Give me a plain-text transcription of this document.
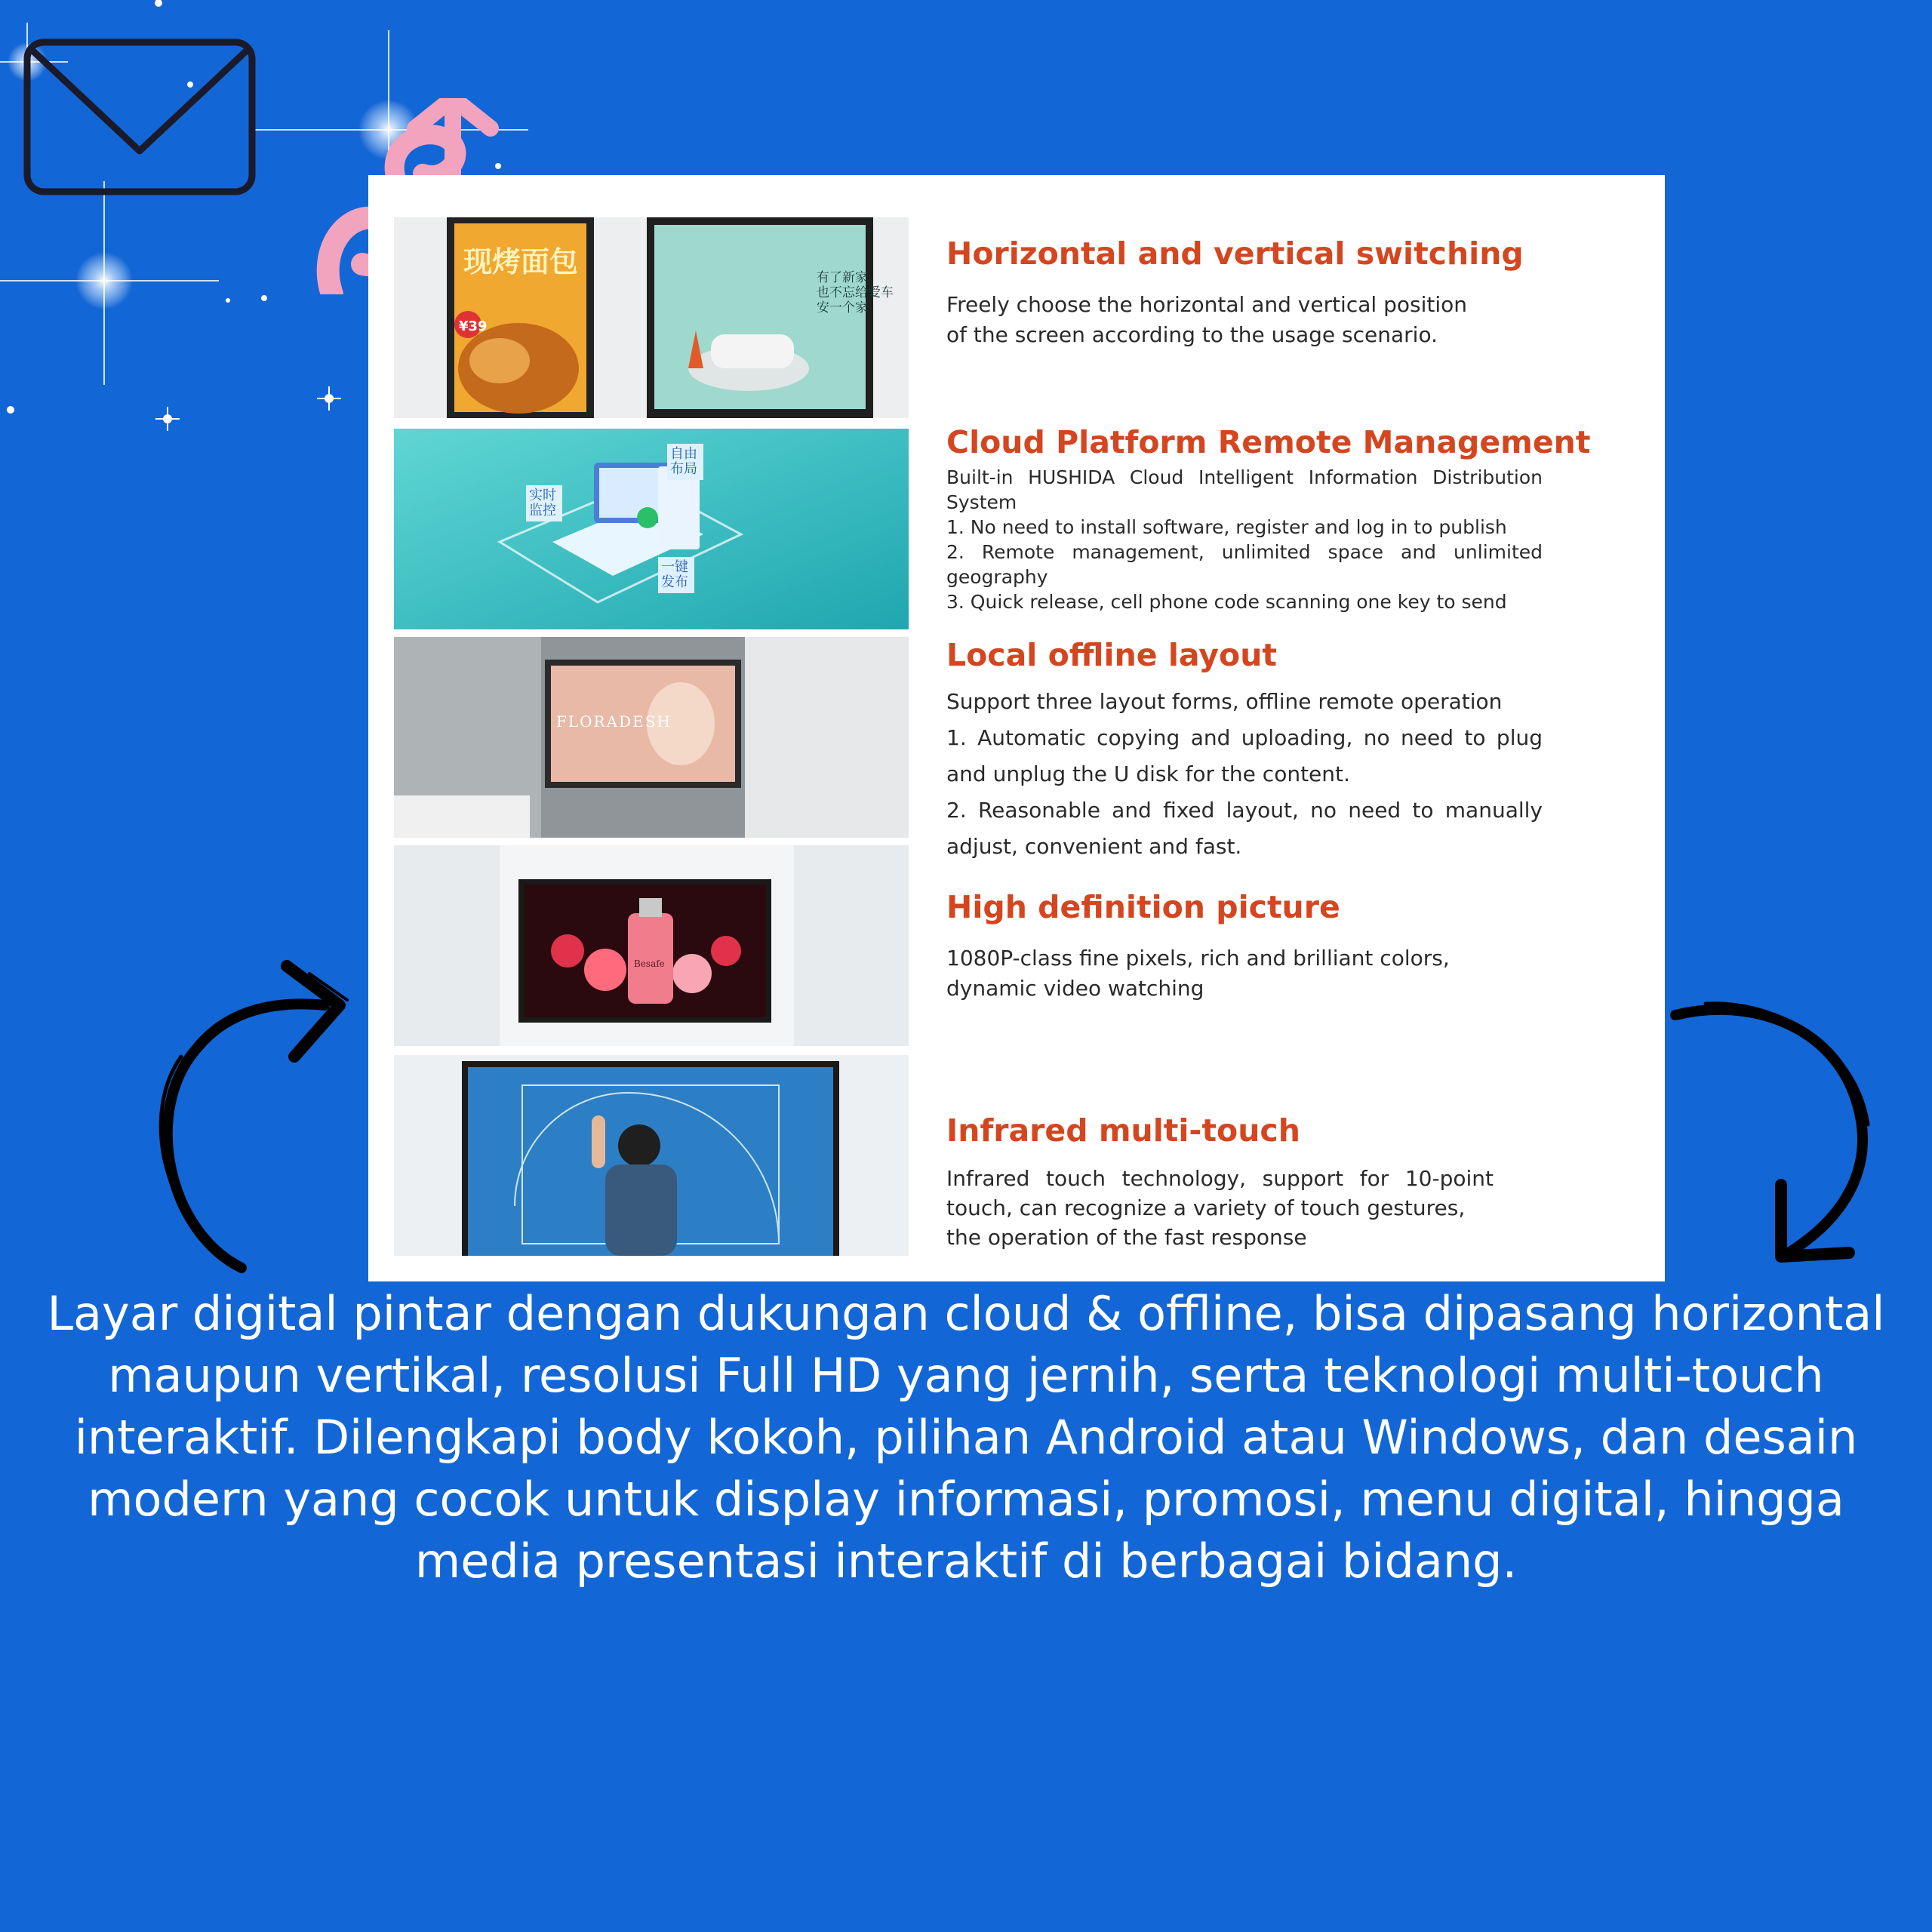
现烤面包
¥39
有了新家
也不忘给爱车
安一个家
Horizontal and vertical switching

Freely choose the horizontal and vertical position

of the screen according to the usage scenario.

实时监控
自由布局
一键发布
Cloud Platform Remote Management

Built-in HUSHIDA Cloud Intelligent Information Distribution System

1. No need to install software, register and log in to publish

2. Remote management, unlimited space and unlimited geography

3. Quick release, cell phone code scanning one key to send

FLORADESH
Local offline layout

Support three layout forms, offline remote operation

1. Automatic copying and uploading, no need to plug and unplug the U disk for the content.

2. Reasonable and fixed layout, no need to manually adjust, convenient and fast.

Besafe
High definition picture

1080P-class fine pixels, rich and brilliant colors,

dynamic video watching

Infrared multi-touch

Infrared touch technology, support for 10-point touch, can recognize a variety of touch gestures,

the operation of the fast response

Layar digital pintar dengan dukungan cloud & offline, bisa dipasang horizontal maupun vertikal, resolusi Full HD yang jernih, serta teknologi multi-touch interaktif. Dilengkapi body kokoh, pilihan Android atau Windows, dan desain modern yang cocok untuk display informasi, promosi, menu digital, hingga media presentasi interaktif di berbagai bidang.
